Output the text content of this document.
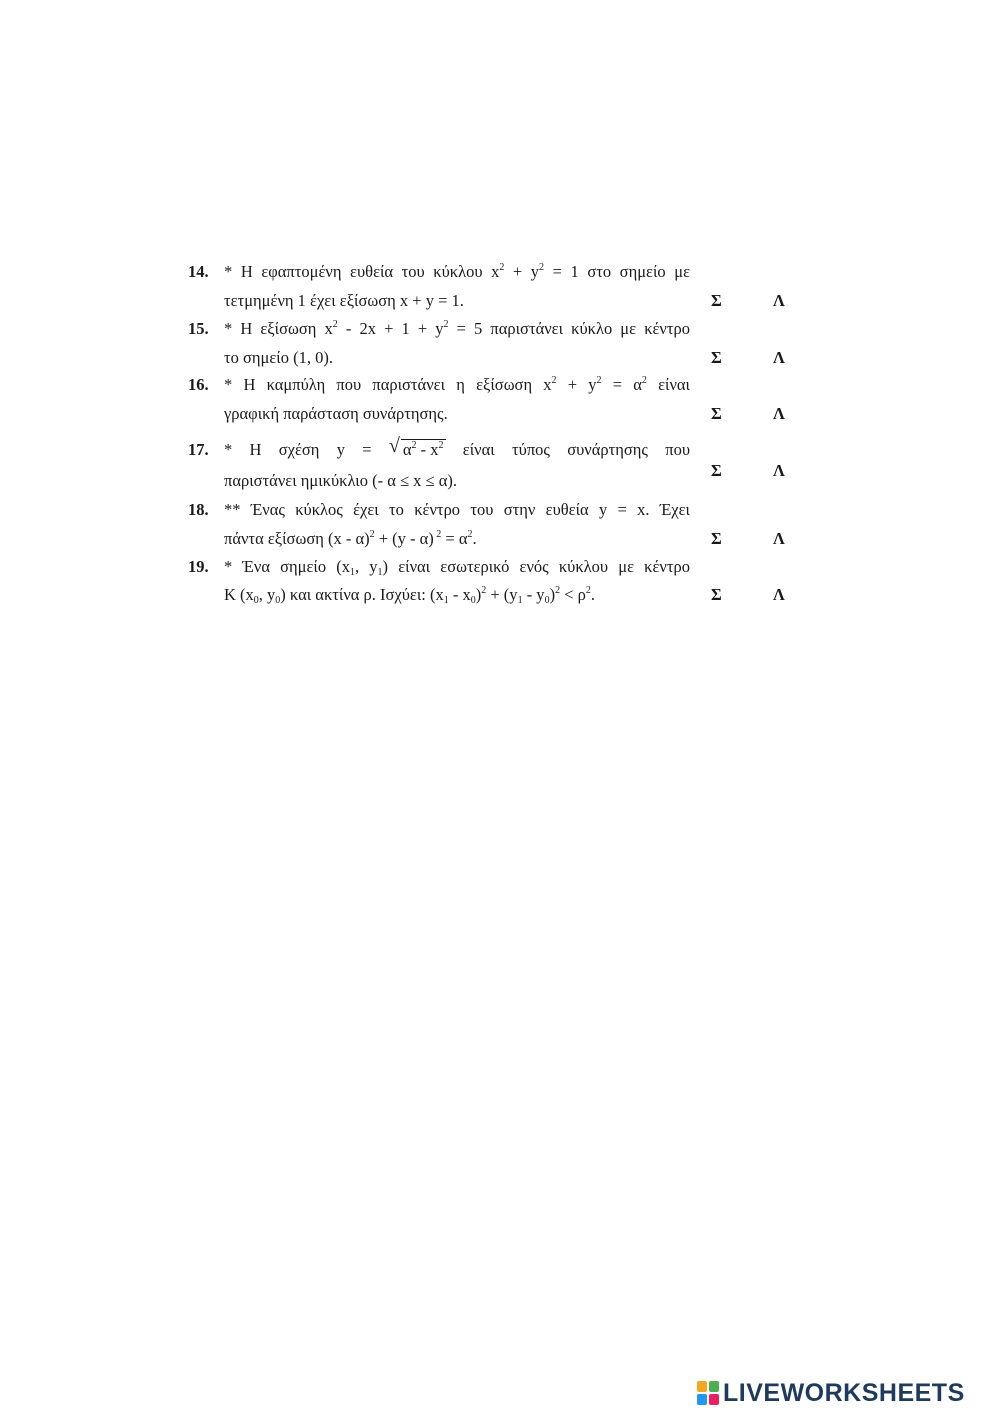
14. * Η εφαπτομένη ευθεία του κύκλου $x^2 + y^2 = 1$ στο σημείο με
τετμημένη 1 έχει εξίσωση x + y = 1.	Σ	Λ
15. * Η εξίσωση $x^2 - 2x + 1 + y^2 = 5$ παριστάνει κύκλο με κέντρο
το σημείο (1, 0).	Σ	Λ
16. * Η καμπύλη που παριστάνει η εξίσωση $x^2 + y^2 = \alpha^2$ είναι
γραφική παράσταση συνάρτησης.	Σ	Λ
17. * Η σχέση y = √ $\alpha^2 - x^2$ είναι τύπος συνάρτησης που
παριστάνει ημικύκλιο (- α ≤ x ≤ α).
Σ	Λ
18. ** Ένας κύκλος έχει το κέντρο του στην ευθεία y = x. Έχει
πάντα εξίσωση (x - α)$^2$ + (y - α) $^2 = \alpha^2$.	Σ	Λ
19. * Ένα σημείο ($x_1$, $y_1$) είναι εσωτερικό ενός κύκλου με κέντρο
Κ ($x_0$, $y_0$) και ακτίνα ρ. Ισχύει: $(x_1 - x_0)^2 + (y_1 - y_0)^2 < \rho^2$.	Σ	Λ
LIVEWORKSHEETS
